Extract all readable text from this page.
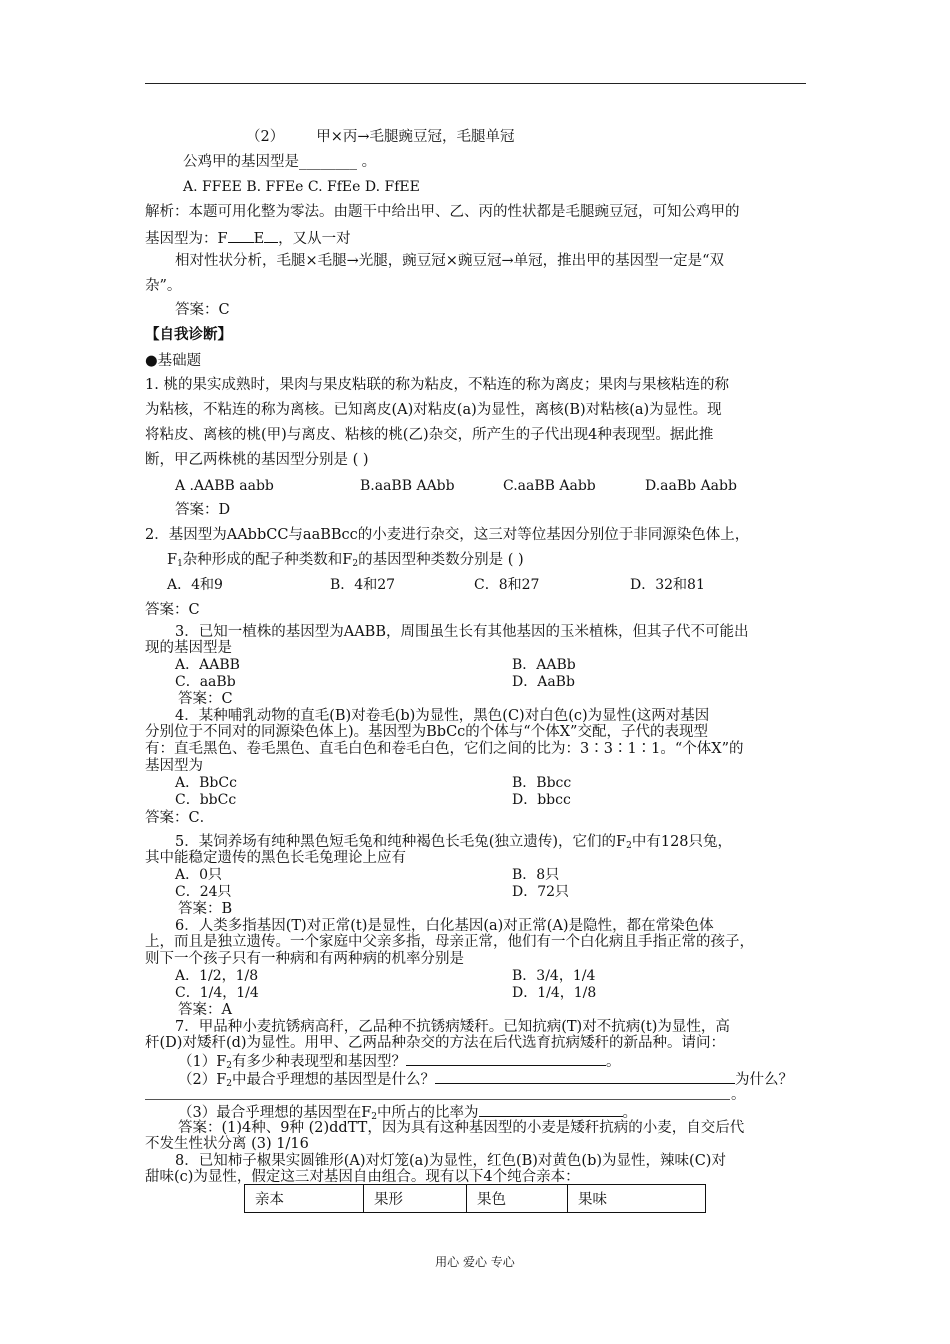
（2） 甲×丙→毛腿豌豆冠，毛腿单冠
公鸡甲的基因型是________ 。
A. FFEE B. FFEe C. FfEe D. FfEE
解析：本题可用化整为零法。由题干中给出甲、乙、丙的性状都是毛腿豌豆冠，可知公鸡甲的
基因型为：F E ，又从一对
相对性状分析，毛腿×毛腿→光腿，豌豆冠×豌豆冠→单冠，推出甲的基因型一定是“双
杂”。
答案：C
【自我诊断】
●基础题
1. 桃的果实成熟时，果肉与果皮粘联的称为粘皮，不粘连的称为离皮；果肉与果核粘连的称
为粘核，不粘连的称为离核。已知离皮(A)对粘皮(a)为显性，离核(B)对粘核(a)为显性。现
将粘皮、离核的桃(甲)与离皮、粘核的桃(乙)杂交，所产生的子代出现4种表现型。据此推
断，甲乙两株桃的基因型分别是 ( )
A .AABB aabb	B.aaBB AAbb	C.aaBB Aabb	D.aaBb Aabb
答案：D
2．基因型为AAbbCC与aaBBcc的小麦进行杂交，这三对等位基因分别位于非同源染色体上，
$F_1$杂种形成的配子种类数和$F_2$的基因型种类数分别是 ( )
A．4和9	B．4和27	C．8和27	D．32和81
答案：C
3．已知一植株的基因型为AABB，周围虽生长有其他基因的玉米植株，但其子代不可能出
现的基因型是
A．AABB	B．AABb
C．aaBb	D．AaBb
答案：C
4．某种哺乳动物的直毛(B)对卷毛(b)为显性，黑色(C)对白色(c)为显性(这两对基因
分别位于不同对的同源染色体上)。基因型为BbCc的个体与“个体X”交配，子代的表现型
有：直毛黑色、卷毛黑色、直毛白色和卷毛白色，它们之间的比为：3∶3∶1∶1。“个体X”的
基因型为
A．BbCc	B．Bbcc
C．bbCc	D．bbcc
答案：C．
5．某饲养场有纯种黑色短毛兔和纯种褐色长毛兔(独立遗传)，它们的$F_2$中有128只兔，
其中能稳定遗传的黑色长毛兔理论上应有
A．0只	B．8只
C．24只	D．72只
答案：B
6．人类多指基因(T)对正常(t)是显性，白化基因(a)对正常(A)是隐性，都在常染色体
上，而且是独立遗传。一个家庭中父亲多指，母亲正常，他们有一个白化病且手指正常的孩子，
则下一个孩子只有一种病和有两种病的机率分别是
A．1/2，1/8	B．3/4，1/4
C．1/4，1/4	D．1/4，1/8
答案：A
7．甲品种小麦抗锈病高秆，乙品种不抗锈病矮秆。已知抗病(T)对不抗病(t)为显性，高
秆(D)对矮秆(d)为显性。用甲、乙两品种杂交的方法在后代选育抗病矮秆的新品种。请问：
$(1)F_2$有多少种表现型和基因型？	。
$(2)F_2$中最合乎理想的基因型是什么？	为什么？
。
（3）最合乎理想的基因型在$F_2$中所占的比率为	。
答案：(1)4种、9种 (2)ddTT，因为具有这种基因型的小麦是矮秆抗病的小麦，自交后代
不发生性状分离 (3) 1/16
8．已知柿子椒果实圆锥形(A)对灯笼(a)为显性，红色(B)对黄色(b)为显性，辣味(C)对
甜味(c)为显性，假定这三对基因自由组合。现有以下4个纯合亲本：
亲本	果形	果色	果味
用心 爱心 专心
